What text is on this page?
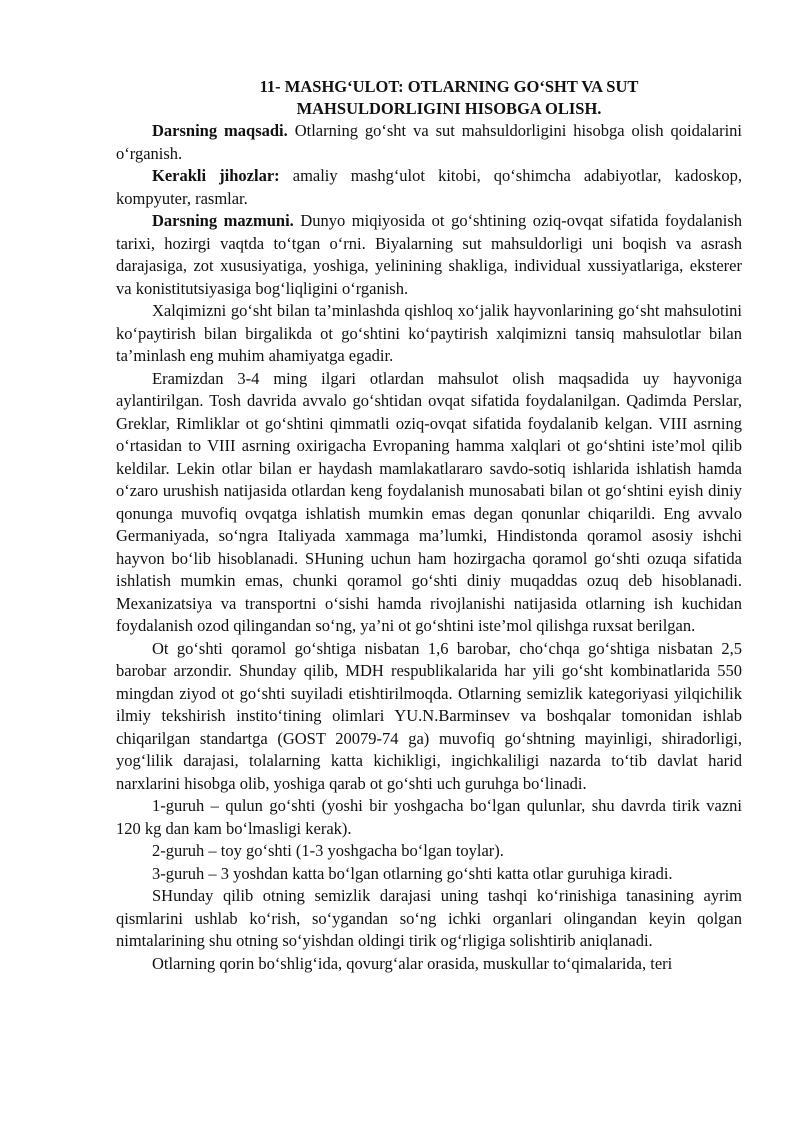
11- MASHG‘ULOT: OTLARNING GO‘SHT VA SUT
MAHSULDORLIGINI HISOBGA OLISH.

Darsning maqsadi. Otlarning go‘sht va sut mahsuldorligini hisobga olish qoidalarini o‘rganish.

Kerakli jihozlar: amaliy mashg‘ulot kitobi, qo‘shimcha adabiyotlar, kadoskop, kompyuter, rasmlar.

Darsning mazmuni. Dunyo miqiyosida ot go‘shtining oziq-ovqat sifatida foydalanish tarixi, hozirgi vaqtda to‘tgan o‘rni. Biyalarning sut mahsuldorligi uni boqish va asrash darajasiga, zot xususiyatiga, yoshiga, yelinining shakliga, individual xussiyatlariga, eksterer va konistitutsiyasiga bog‘liqligini o‘rganish.

Xalqimizni go‘sht bilan ta’minlashda qishloq xo‘jalik hayvonlarining go‘sht mahsulotini ko‘paytirish bilan birgalikda ot go‘shtini ko‘paytirish xalqimizni tansiq mahsulotlar bilan ta’minlash eng muhim ahamiyatga egadir.

Eramizdan 3-4 ming ilgari otlardan mahsulot olish maqsadida uy hayvoniga aylantirilgan. Tosh davrida avvalo go‘shtidan ovqat sifatida foydalanilgan. Qadimda Perslar, Greklar, Rimliklar ot go‘shtini qimmatli oziq-ovqat sifatida foydalanib kelgan. VIII asrning o‘rtasidan to VIII asrning oxirigacha Evropaning hamma xalqlari ot go‘shtini iste’mol qilib keldilar. Lekin otlar bilan er haydash mamlakatlararo savdo-sotiq ishlarida ishlatish hamda o‘zaro urushish natijasida otlardan keng foydalanish munosabati bilan ot go‘shtini eyish diniy qonunga muvofiq ovqatga ishlatish mumkin emas degan qonunlar chiqarildi. Eng avvalo Germaniyada, so‘ngra Italiyada xammaga ma’lumki, Hindistonda qoramol asosiy ishchi hayvon bo‘lib hisoblanadi. SHuning uchun ham hozirgacha qoramol go‘shti ozuqa sifatida ishlatish mumkin emas, chunki qoramol go‘shti diniy muqaddas ozuq deb hisoblanadi. Mexanizatsiya va transportni o‘sishi hamda rivojlanishi natijasida otlarning ish kuchidan foydalanish ozod qilingandan so‘ng, ya’ni ot go‘shtini iste’mol qilishga ruxsat berilgan.

Ot go‘shti qoramol go‘shtiga nisbatan 1,6 barobar, cho‘chqa go‘shtiga nisbatan 2,5 barobar arzondir. Shunday qilib, MDH respublikalarida har yili go‘sht kombinatlarida 550 mingdan ziyod ot go‘shti suyiladi etishtirilmoqda. Otlarning semizlik kategoriyasi yilqichilik ilmiy tekshirish instito‘tining olimlari YU.N.Barminsev va boshqalar tomonidan ishlab chiqarilgan standartga (GOST 20079-74 ga) muvofiq go‘shtning mayinligi, shiradorligi, yog‘lilik darajasi, tolalarning katta kichikligi, ingichkaliligi nazarda to‘tib davlat harid narxlarini hisobga olib, yoshiga qarab ot go‘shti uch guruhga bo‘linadi.

1-guruh – qulun go‘shti (yoshi bir yoshgacha bo‘lgan qulunlar, shu davrda tirik vazni 120 kg dan kam bo‘lmasligi kerak).

2-guruh – toy go‘shti (1-3 yoshgacha bo‘lgan toylar).

3-guruh – 3 yoshdan katta bo‘lgan otlarning go‘shti katta otlar guruhiga kiradi.

SHunday qilib otning semizlik darajasi uning tashqi ko‘rinishiga tanasining ayrim qismlarini ushlab ko‘rish, so‘ygandan so‘ng ichki organlari olingandan keyin qolgan nimtalarining shu otning so‘yishdan oldingi tirik og‘rligiga solishtirib aniqlanadi.

Otlarning qorin bo‘shlig‘ida, qovurg‘alar orasida, muskullar to‘qimalarida, teri
